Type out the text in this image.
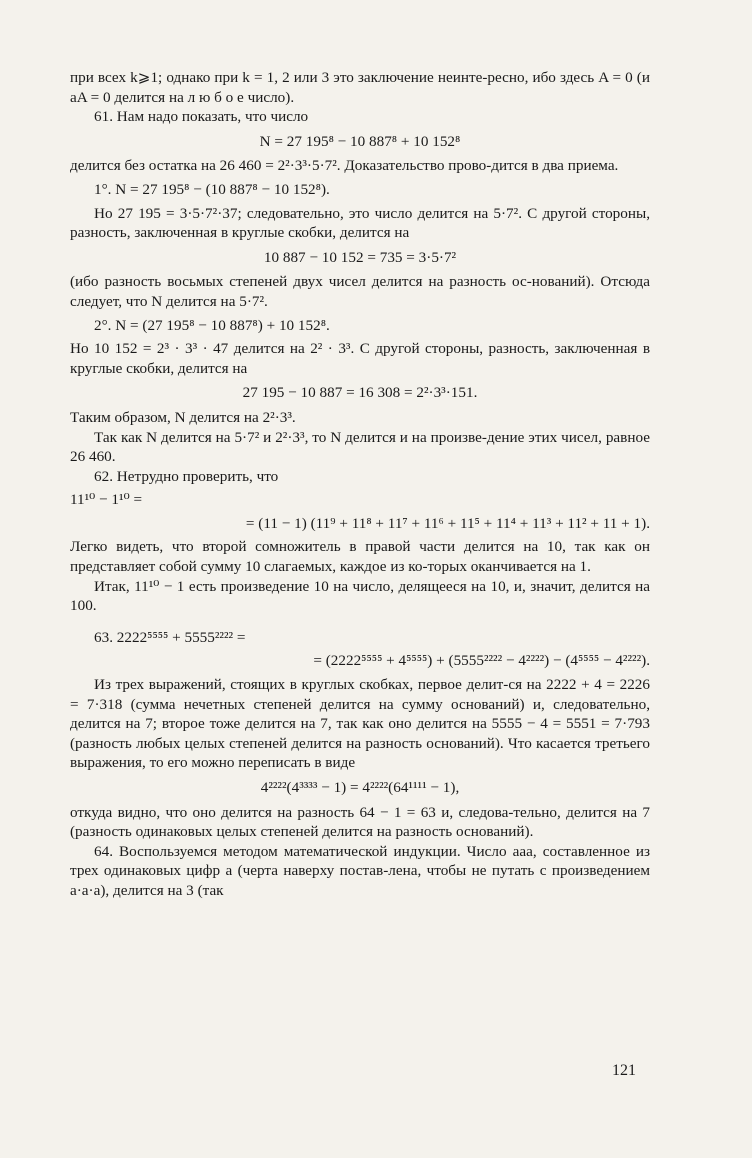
при всех k⩾1; однако при k = 1, 2 или 3 это заключение неинте-ресно, ибо здесь A = 0 (и aA = 0 делится на л ю б о е число).

61. Нам надо показать, что число

N = 27 195⁸ − 10 887⁸ + 10 152⁸

делится без остатка на 26 460 = 2²·3³·5·7². Доказательство прово-дится в два приема.

1°. N = 27 195⁸ − (10 887⁸ − 10 152⁸).

Но 27 195 = 3·5·7²·37; следовательно, это число делится на 5·7². С другой стороны, разность, заключенная в круглые скобки, делится на

10 887 − 10 152 = 735 = 3·5·7²

(ибо разность восьмых степеней двух чисел делится на разность ос-нований). Отсюда следует, что N делится на 5·7².

2°. N = (27 195⁸ − 10 887⁸) + 10 152⁸.

Но 10 152 = 2³ · 3³ · 47 делится на 2² · 3³. С другой стороны, разность, заключенная в круглые скобки, делится на

27 195 − 10 887 = 16 308 = 2²·3³·151.

Таким образом, N делится на 2²·3³.

Так как N делится на 5·7² и 2²·3³, то N делится и на произве-дение этих чисел, равное 26 460.

62. Нетрудно проверить, что

11¹⁰ − 1¹⁰ =

= (11 − 1) (11⁹ + 11⁸ + 11⁷ + 11⁶ + 11⁵ + 11⁴ + 11³ + 11² + 11 + 1).

Легко видеть, что второй сомножитель в правой части делится на 10, так как он представляет собой сумму 10 слагаемых, каждое из ко-торых оканчивается на 1.

Итак, 11¹⁰ − 1 есть произведение 10 на число, делящееся на 10, и, значит, делится на 100.

63. 2222⁵⁵⁵⁵ + 5555²²²² =

= (2222⁵⁵⁵⁵ + 4⁵⁵⁵⁵) + (5555²²²² − 4²²²²) − (4⁵⁵⁵⁵ − 4²²²²).

Из трех выражений, стоящих в круглых скобках, первое делит-ся на 2222 + 4 = 2226 = 7·318 (сумма нечетных степеней делится на сумму оснований) и, следовательно, делится на 7; второе тоже делится на 7, так как оно делится на 5555 − 4 = 5551 = 7·793 (разность любых целых степеней делится на разность оснований). Что касается третьего выражения, то его можно переписать в виде

4²²²²(4³³³³ − 1) = 4²²²²(64¹¹¹¹ − 1),

откуда видно, что оно делится на разность 64 − 1 = 63 и, следова-тельно, делится на 7 (разность одинаковых целых степеней делится на разность оснований).

64. Воспользуемся методом математической индукции. Число aaa, составленное из трех одинаковых цифр a (черта наверху постав-лена, чтобы не путать с произведением a·a·a), делится на 3 (так

121
